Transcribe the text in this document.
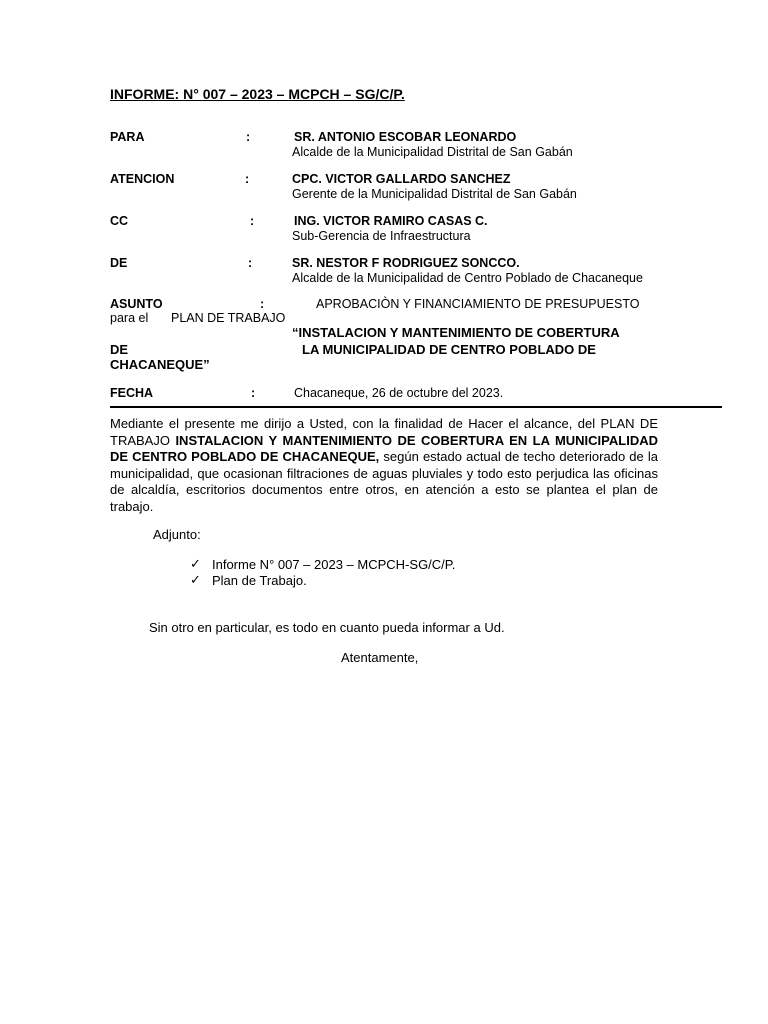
INFORME: N° 007 – 2023 – MCPCH – SG/C/P.
PARA	:	SR. ANTONIO ESCOBAR LEONARDO
Alcalde de la Municipalidad Distrital de San Gabán
ATENCION	:	CPC. VICTOR GALLARDO SANCHEZ
Gerente de la Municipalidad Distrital de San Gabán
CC	:	ING. VICTOR RAMIRO CASAS C.
Sub-Gerencia de Infraestructura
DE	:	SR. NESTOR F RODRIGUEZ SONCCO.
Alcalde de la Municipalidad de Centro Poblado de Chacaneque
ASUNTO	:	APROBACIÒN Y FINANCIAMIENTO DE PRESUPUESTO
para el PLAN DE TRABAJO
“INSTALACION Y MANTENIMIENTO DE COBERTURA
DE	LA MUNICIPALIDAD DE CENTRO POBLADO DE
CHACANEQUE”
FECHA	:	Chacaneque, 26 de octubre del 2023.
Mediante el presente me dirijo a Usted, con la finalidad de Hacer el alcance, del PLAN DE TRABAJO INSTALACION Y MANTENIMIENTO DE COBERTURA EN LA MUNICIPALIDAD DE CENTRO POBLADO DE CHACANEQUE, según estado actual de techo deteriorado de la municipalidad, que ocasionan filtraciones de aguas pluviales y todo esto perjudica las oficinas de alcaldía, escritorios documentos entre otros, en atención a esto se plantea el plan de trabajo.
Adjunto:
✓ Informe N° 007 – 2023 – MCPCH-SG/C/P.
✓ Plan de Trabajo.
Sin otro en particular, es todo en cuanto pueda informar a Ud.
Atentamente,
